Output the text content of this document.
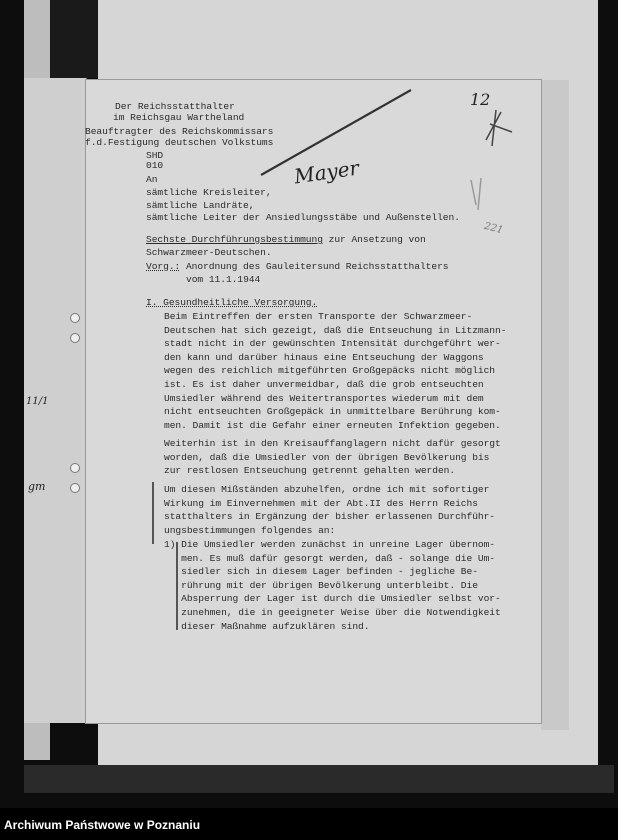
11/1
gm
12
Mayer
221
Der Reichsstatthalter
im Reichsgau Wartheland
Beauftragter des Reichskommissars
f.d.Festigung deutschen Volkstums
SHD
010
An
sämtliche Kreisleiter,
sämtliche Landräte,
sämtliche Leiter der Ansiedlungsstäbe und Außenstellen.
Sechste Durchführungsbestimmung zur Ansetzung von
Schwarzmeer-Deutschen.
Vorg.: Anordnung des Gauleitersund Reichsstatthalters
vom 11.1.1944
I. Gesundheitliche Versorgung.
Beim Eintreffen der ersten Transporte der Schwarzmeer-
Deutschen hat sich gezeigt, daß die Entseuchung in Litzmann-
stadt nicht in der gewünschten Intensität durchgeführt wer-
den kann und darüber hinaus eine Entseuchung der Waggons
wegen des reichlich mitgeführten Großgepäcks nicht möglich
ist. Es ist daher unvermeidbar, daß die grob entseuchten
Umsiedler während des Weitertransportes wiederum mit dem
nicht entseuchten Großgepäck in unmittelbare Berührung kom-
men. Damit ist die Gefahr einer erneuten Infektion gegeben.
Weiterhin ist in den Kreisauffanglagern nicht dafür gesorgt
worden, daß die Umsiedler von der übrigen Bevölkerung bis
zur restlosen Entseuchung getrennt gehalten werden.
Um diesen Mißständen abzuhelfen, ordne ich mit sofortiger
Wirkung im Einvernehmen mit der Abt.II des Herrn Reichs
statthalters in Ergänzung der bisher erlassenen Durchführ-
ungsbestimmungen folgendes an:
1) Die Umsiedler werden zunächst in unreine Lager übernom-
men. Es muß dafür gesorgt werden, daß - solange die Um-
siedler sich in diesem Lager befinden - jegliche Be-
rührung mit der übrigen Bevölkerung unterbleibt. Die
Absperrung der Lager ist durch die Umsiedler selbst vor-
zunehmen, die in geeigneter Weise über die Notwendigkeit
dieser Maßnahme aufzuklären sind.
Archiwum Państwowe w Poznaniu
